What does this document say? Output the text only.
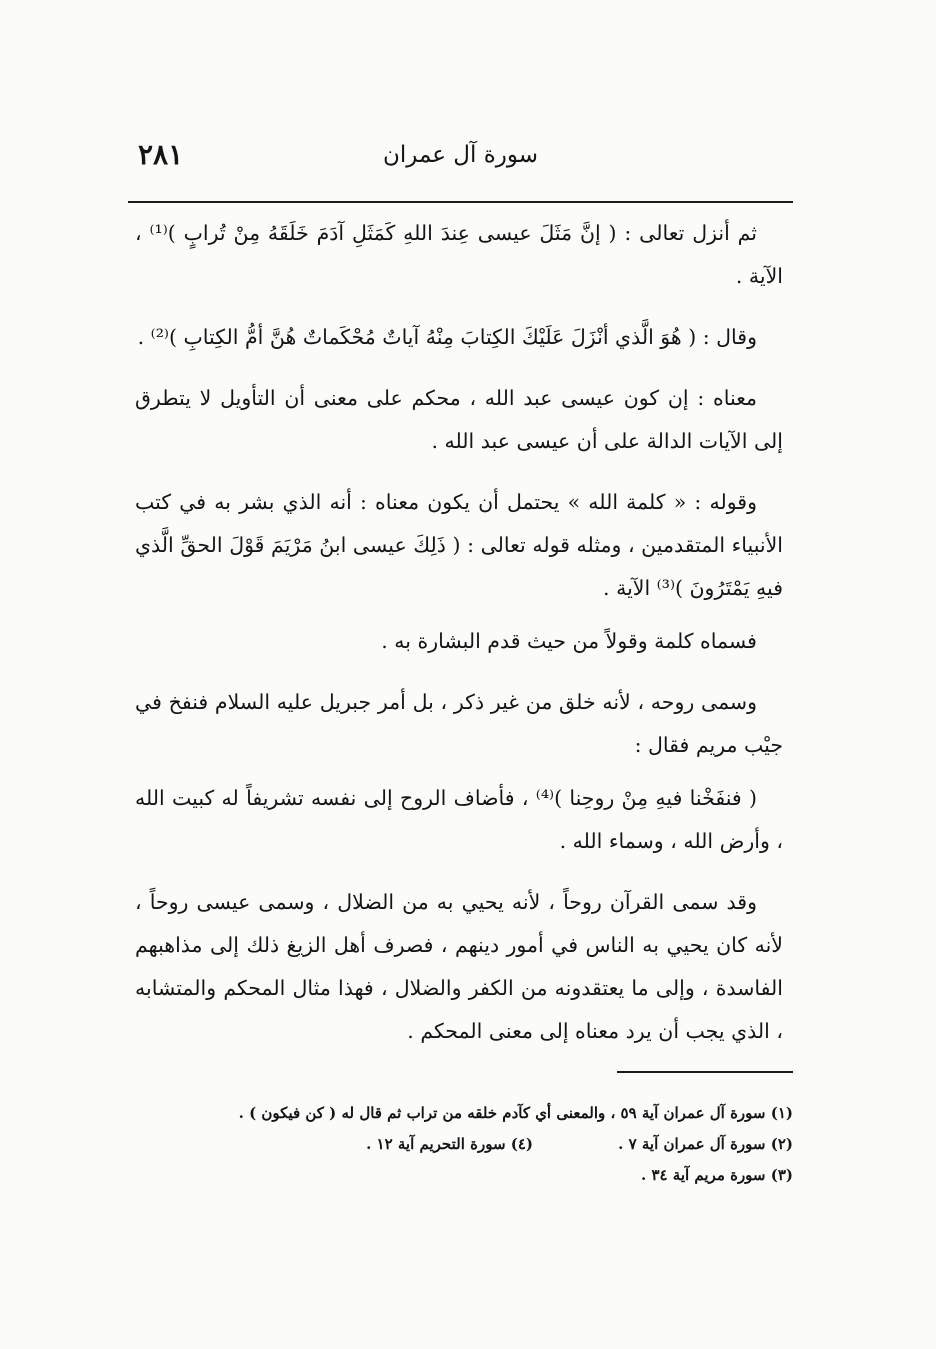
٢٨١	سورة آل عمران

ثم أنزل تعالى : ( إنَّ مَثَلَ عيسى عِندَ اللهِ كَمَثَلِ آدَمَ خَلَقَهُ مِنْ تُرابٍ )⁽¹⁾ ، الآية .

وقال : ( هُوَ الَّذي أنْزَلَ عَلَيْكَ الكِتابَ مِنْهُ آياتٌ مُحْكَماتٌ هُنَّ أمُّ الكِتابِ )⁽²⁾ .

معناه : إن كون عيسى عبد الله ، محكم على معنى أن التأويل لا يتطرق إلى الآيات الدالة على أن عيسى عبد الله .

وقوله : « كلمة الله » يحتمل أن يكون معناه : أنه الذي بشر به في كتب الأنبياء المتقدمين ، ومثله قوله تعالى : ( ذَلِكَ عيسى ابنُ مَرْيَمَ قَوْلَ الحقِّ الَّذي فيهِ يَمْتَرُونَ )⁽³⁾ الآية .

فسماه كلمة وقولاً من حيث قدم البشارة به .

وسمى روحه ، لأنه خلق من غير ذكر ، بل أمر جبريل عليه السلام فنفخ في جيْب مريم فقال :

( فنفَخْنا فيهِ مِنْ روحِنا )⁽⁴⁾ ، فأضاف الروح إلى نفسه تشريفاً له كبيت الله ، وأرض الله ، وسماء الله .

وقد سمى القرآن روحاً ، لأنه يحيي به من الضلال ، وسمى عيسى روحاً ، لأنه كان يحيي به الناس في أمور دينهم ، فصرف أهل الزيغ ذلك إلى مذاهبهم الفاسدة ، وإلى ما يعتقدونه من الكفر والضلال ، فهذا مثال المحكم والمتشابه ، الذي يجب أن يرد معناه إلى معنى المحكم .

(١) سورة آل عمران آية ٥٩ ، والمعنى أي كآدم خلقه من تراب ثم قال له ( كن فيكون ) .
(٢) سورة آل عمران آية ٧ .
(٤) سورة التحريم آية ١٢ .
(٣) سورة مريم آية ٣٤ .
